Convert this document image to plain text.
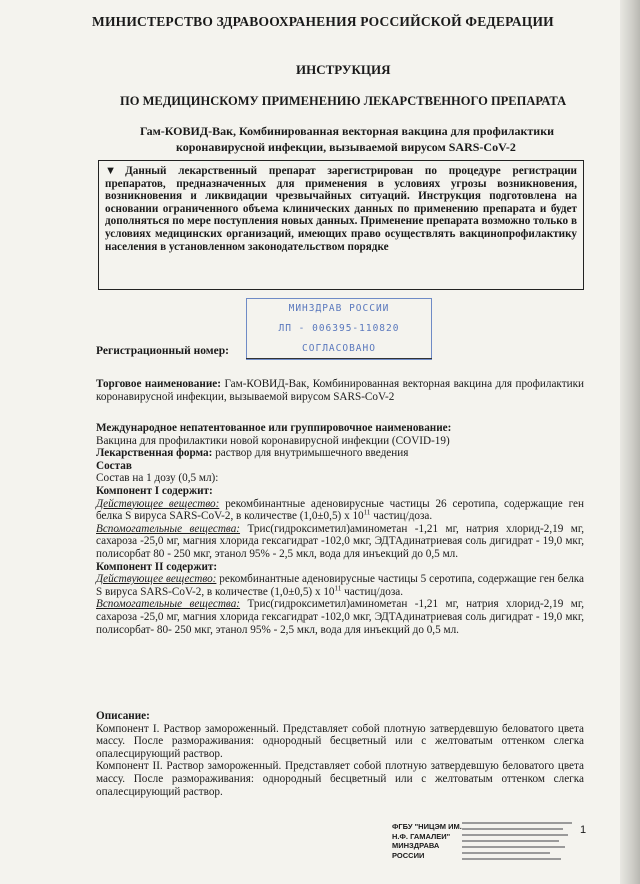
МИНИСТЕРСТВО ЗДРАВООХРАНЕНИЯ РОССИЙСКОЙ ФЕДЕРАЦИИ
ИНСТРУКЦИЯ
ПО МЕДИЦИНСКОМУ ПРИМЕНЕНИЮ ЛЕКАРСТВЕННОГО ПРЕПАРАТА
Гам-КОВИД-Вак, Комбинированная векторная вакцина для профилактики
коронавирусной инфекции, вызываемой вирусом SARS-CoV-2
▼Данный лекарственный препарат зарегистрирован по процедуре регистрации препаратов, предназначенных для применения в условиях угрозы возникновения, возникновения и ликвидации чрезвычайных ситуаций. Инструкция подготовлена на основании ограниченного объема клинических данных по применению препарата и будет дополняться по мере поступления новых данных. Применение препарата возможно только в условиях медицинских организаций, имеющих право осуществлять вакцинопрофилактику населения в установленном законодательством порядке
МИНЗДРАВ РОССИИ
ЛП - 006395-110820
СОГЛАСОВАНО
Регистрационный номер:

Торговое наименование: Гам-КОВИД-Вак, Комбинированная векторная вакцина для профилактики коронавирусной инфекции, вызываемой вирусом SARS-CoV-2

Международное непатентованное или группировочное наименование:

Вакцина для профилактики новой коронавирусной инфекции (COVID-19)

Лекарственная форма: раствор для внутримышечного введения

Состав

Состав на 1 дозу (0,5 мл):

Компонент I содержит:

Действующее вещество: рекомбинантные аденовирусные частицы 26 серотипа, содержащие ген белка S вируса SARS-CoV-2, в количестве (1,0±0,5) x $10^{11}$ частиц/доза.

Вспомогательные вещества: Трис(гидроксиметил)аминометан -1,21 мг, натрия хлорид-2,19 мг, сахароза -25,0 мг, магния хлорида гексагидрат -102,0 мкг, ЭДТАдинатриевая соль дигидрат - 19,0 мкг, полисорбат 80 - 250 мкг, этанол 95% - 2,5 мкл, вода для инъекций до 0,5 мл.

Компонент II содержит:

Действующее вещество: рекомбинантные аденовирусные частицы 5 серотипа, содержащие ген белка S вируса SARS-CoV-2, в количестве (1,0±0,5) x $10^{11}$ частиц/доза.

Вспомогательные вещества: Трис(гидроксиметил)аминометан -1,21 мг, натрия хлорид-2,19 мг, сахароза -25,0 мг, магния хлорида гексагидрат -102,0 мкг, ЭДТАдинатриевая соль дигидрат - 19,0 мкг, полисорбат- 80- 250 мкг, этанол 95% - 2,5 мкл, вода для инъекций до 0,5 мл.

Описание:

Компонент I. Раствор замороженный. Представляет собой плотную затвердевшую беловатого цвета массу. После размораживания: однородный бесцветный или с желтоватым оттенком слегка опалесцирующий раствор.

Компонент II. Раствор замороженный. Представляет собой плотную затвердевшую беловатого цвета массу. После размораживания: однородный бесцветный или с желтоватым оттенком слегка опалесцирующий раствор.

ФГБУ "НИЦЭМ ИМ. Н.Ф. ГАМАЛЕИ" МИНЗДРАВА РОССИИ
1
